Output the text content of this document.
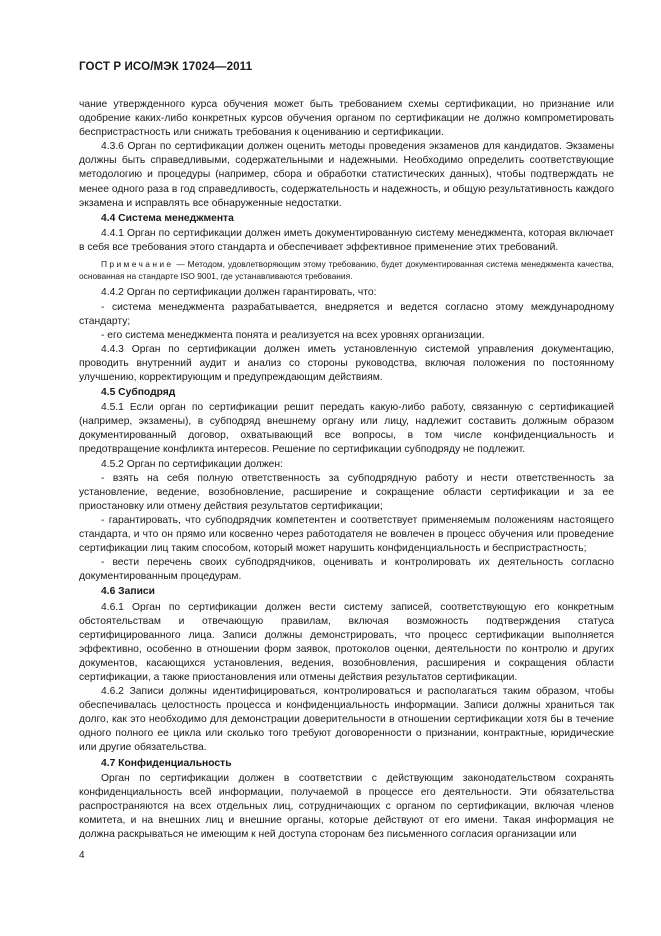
ГОСТ Р ИСО/МЭК 17024—2011

чание утвержденного курса обучения может быть требованием схемы сертификации, но признание или одобрение каких-либо конкретных курсов обучения органом по сертификации не должно компрометировать беспристрастность или снижать требования к оцениванию и сертификации.

4.3.6 Орган по сертификации должен оценить методы проведения экзаменов для кандидатов. Экзамены должны быть справедливыми, содержательными и надежными. Необходимо определить соответствующие методологию и процедуры (например, сбора и обработки статистических данных), чтобы подтверждать не менее одного раза в год справедливость, содержательность и надежность, и общую результативность каждого экзамена и исправлять все обнаруженные недостатки.

4.4 Система менеджмента

4.4.1 Орган по сертификации должен иметь документированную систему менеджмента, которая включает в себя все требования этого стандарта и обеспечивает эффективное применение этих требований.

Примечание — Методом, удовлетворяющим этому требованию, будет документированная система менеджмента качества, основанная на стандарте ISO 9001, где устанавливаются требования.

4.4.2 Орган по сертификации должен гарантировать, что:

- система менеджмента разрабатывается, внедряется и ведется согласно этому международному стандарту;

- его система менеджмента понята и реализуется на всех уровнях организации.

4.4.3 Орган по сертификации должен иметь установленную системой управления документацию, проводить внутренний аудит и анализ со стороны руководства, включая положения по постоянному улучшению, корректирующим и предупреждающим действиям.

4.5 Субподряд

4.5.1 Если орган по сертификации решит передать какую-либо работу, связанную с сертификацией (например, экзамены), в субподряд внешнему органу или лицу, надлежит составить должным образом документированный договор, охватывающий все вопросы, в том числе конфиденциальность и предотвращение конфликта интересов. Решение по сертификации субподряду не подлежит.

4.5.2 Орган по сертификации должен:

- взять на себя полную ответственность за субподрядную работу и нести ответственность за установление, ведение, возобновление, расширение и сокращение области сертификации и за ее приостановку или отмену действия результатов сертификации;

- гарантировать, что субподрядчик компетентен и соответствует применяемым положениям настоящего стандарта, и что он прямо или косвенно через работодателя не вовлечен в процесс обучения или проведение сертификации лиц таким способом, который может нарушить конфиденциальность и беспристрастность;

- вести перечень своих субподрядчиков, оценивать и контролировать их деятельность согласно документированным процедурам.

4.6 Записи

4.6.1 Орган по сертификации должен вести систему записей, соответствующую его конкретным обстоятельствам и отвечающую правилам, включая возможность подтверждения статуса сертифицированного лица. Записи должны демонстрировать, что процесс сертификации выполняется эффективно, особенно в отношении форм заявок, протоколов оценки, деятельности по контролю и других документов, касающихся установления, ведения, возобновления, расширения и сокращения области сертификации, а также приостановления или отмены действия результатов сертификации.

4.6.2 Записи должны идентифицироваться, контролироваться и располагаться таким образом, чтобы обеспечивалась целостность процесса и конфиденциальность информации. Записи должны храниться так долго, как это необходимо для демонстрации доверительности в отношении сертификации хотя бы в течение одного полного ее цикла или сколько того требуют договоренности о признании, контрактные, юридические или другие обязательства.

4.7 Конфиденциальность

Орган по сертификации должен в соответствии с действующим законодательством сохранять конфиденциальность всей информации, получаемой в процессе его деятельности. Эти обязательства распространяются на всех отдельных лиц, сотрудничающих с органом по сертификации, включая членов комитета, и на внешних лиц и внешние органы, которые действуют от его имени. Такая информация не должна раскрываться не имеющим к ней доступа сторонам без письменного согласия организации или

4
